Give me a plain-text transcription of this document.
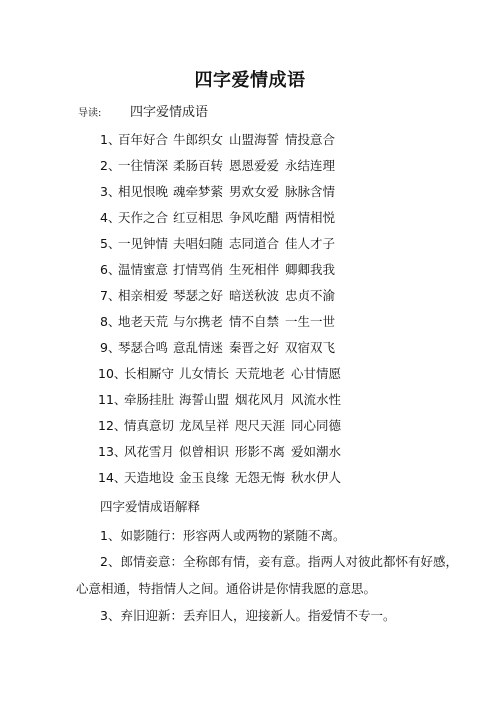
四字爱情成语
导读: 四字爱情成语
1、
百年好合 牛郎织女 山盟海誓 情投意合
2、
一往情深 柔肠百转 恩恩爱爱 永结连理
3、
相见恨晚 魂牵梦萦 男欢女爱 脉脉含情
4、
天作之合 红豆相思 争风吃醋 两情相悦
5、
一见钟情 夫唱妇随 志同道合 佳人才子
6、
温情蜜意 打情骂俏 生死相伴 卿卿我我
7、
相亲相爱 琴瑟之好 暗送秋波 忠贞不渝
8、
地老天荒 与尔携老 情不自禁 一生一世
9、
琴瑟合鸣 意乱情迷 秦晋之好 双宿双飞
10、
长相厮守 儿女情长 天荒地老 心甘情愿
11、
牵肠挂肚 海誓山盟 烟花风月 风流水性
12、
情真意切 龙凤呈祥 咫尺天涯 同心同德
13、
风花雪月 似曾相识 形影不离 爱如潮水
14、
天造地设 金玉良缘 无怨无悔 秋水伊人
四字爱情成语解释
1、如影随行：形容两人或两物的紧随不离。
2、郎情妾意：全称郎有情，妾有意。指两人对彼此都怀有好感，
心意相通，特指情人之间。通俗讲是你情我愿的意思。
3、弃旧迎新：丢弃旧人，迎接新人。指爱情不专一。
